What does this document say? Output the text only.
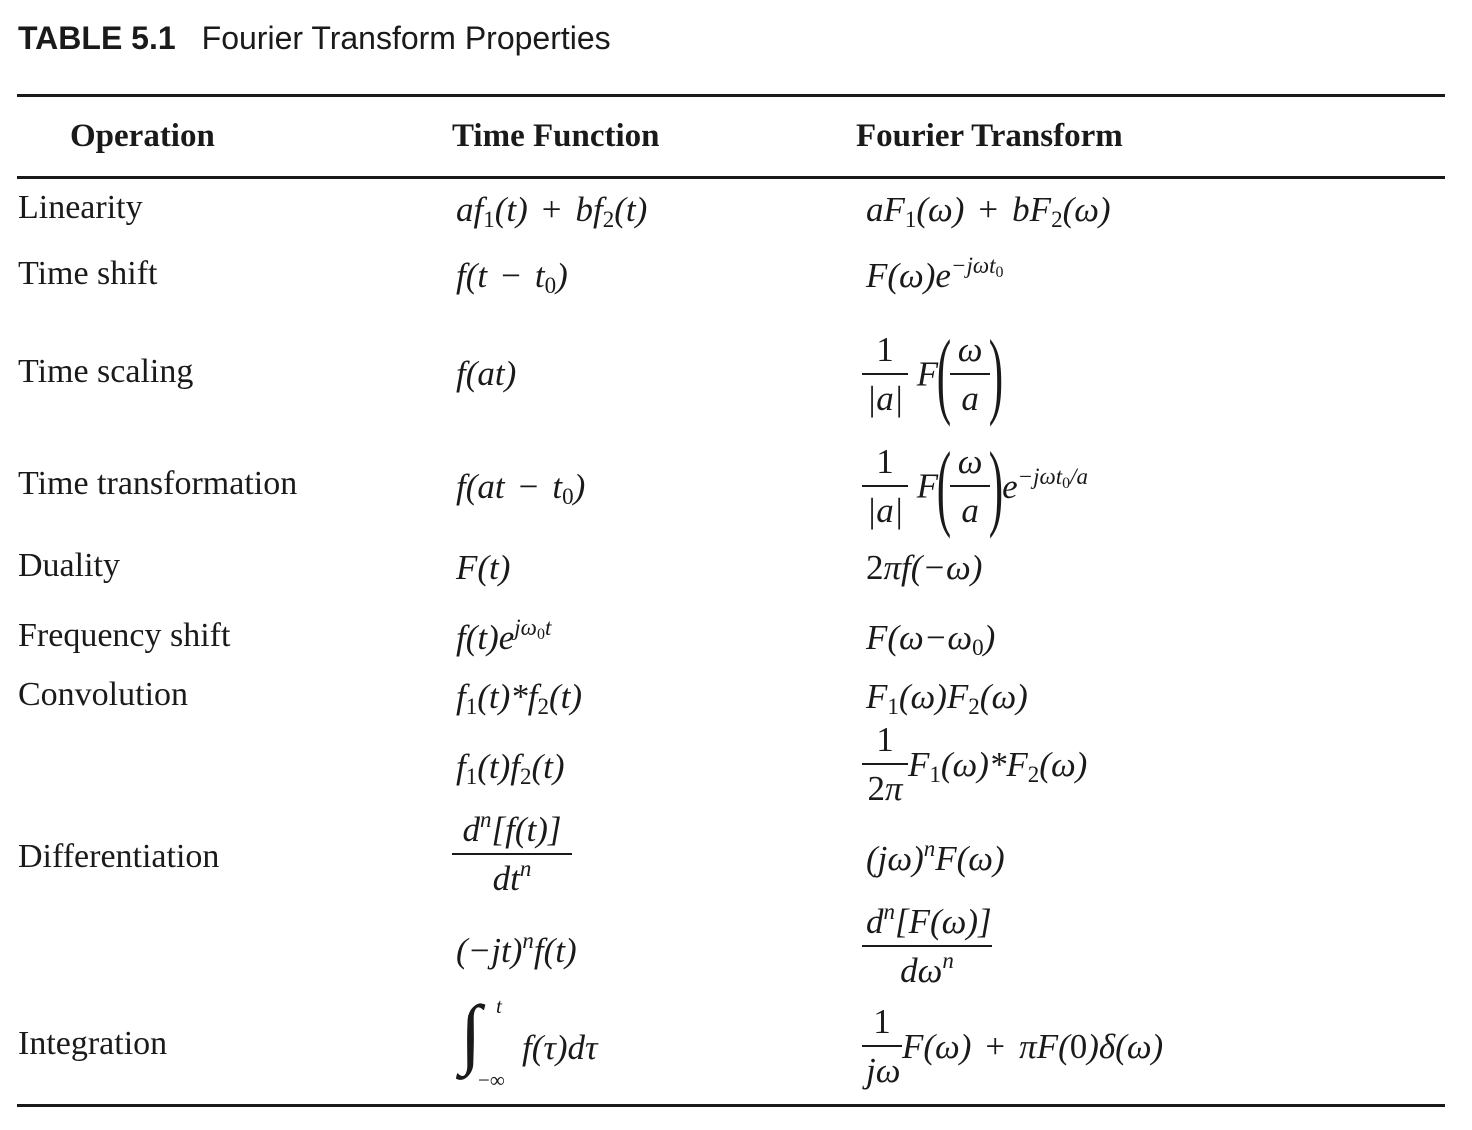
TABLE 5.1 Fourier Transform Properties
Operation	Time Function	Fourier Transform
Linearity
Time shift
Time scaling
Time transformation
Duality
Frequency shift
Convolution
Differentiation
Integration
$af_1(t) + bf_2(t)$
$f(t - t_0)$
f(at)
$f(at - t_0)$
F(t)
$f(t)e^{j\omega_0t}$
$f_1(t)*f_2(t)$
$f_1(t)f_2(t)$
$\frac{d^n[f(t)]}{dt^n}$
$(-jt)^nf(t)$
∫ t
−∞
f(τ)dτ
$aF_1(\omega) + bF_2(\omega)$
$F(\omega)e^{-j\omega t_0}$
$\frac{1}{|a|} F$(
$\frac{\omega}{a}$
)
$\frac{1}{|a|} F$(
$\frac{\omega}{a}$
)$e^{-j\omega t_0/a}$
2πf(−ω)
$F(\omega-\omega_0)$
$F_1(\omega)F_2(\omega)$
$\frac{1}{2\pi} F_1(\omega)*F_2(\omega)$
$(j\omega)^nF(\omega)$
$\frac{d^n[F(\omega)]}{d\omega^n}$
$\frac{1}{j\omega} F(\omega) + \pi F(0)\delta(\omega)$
